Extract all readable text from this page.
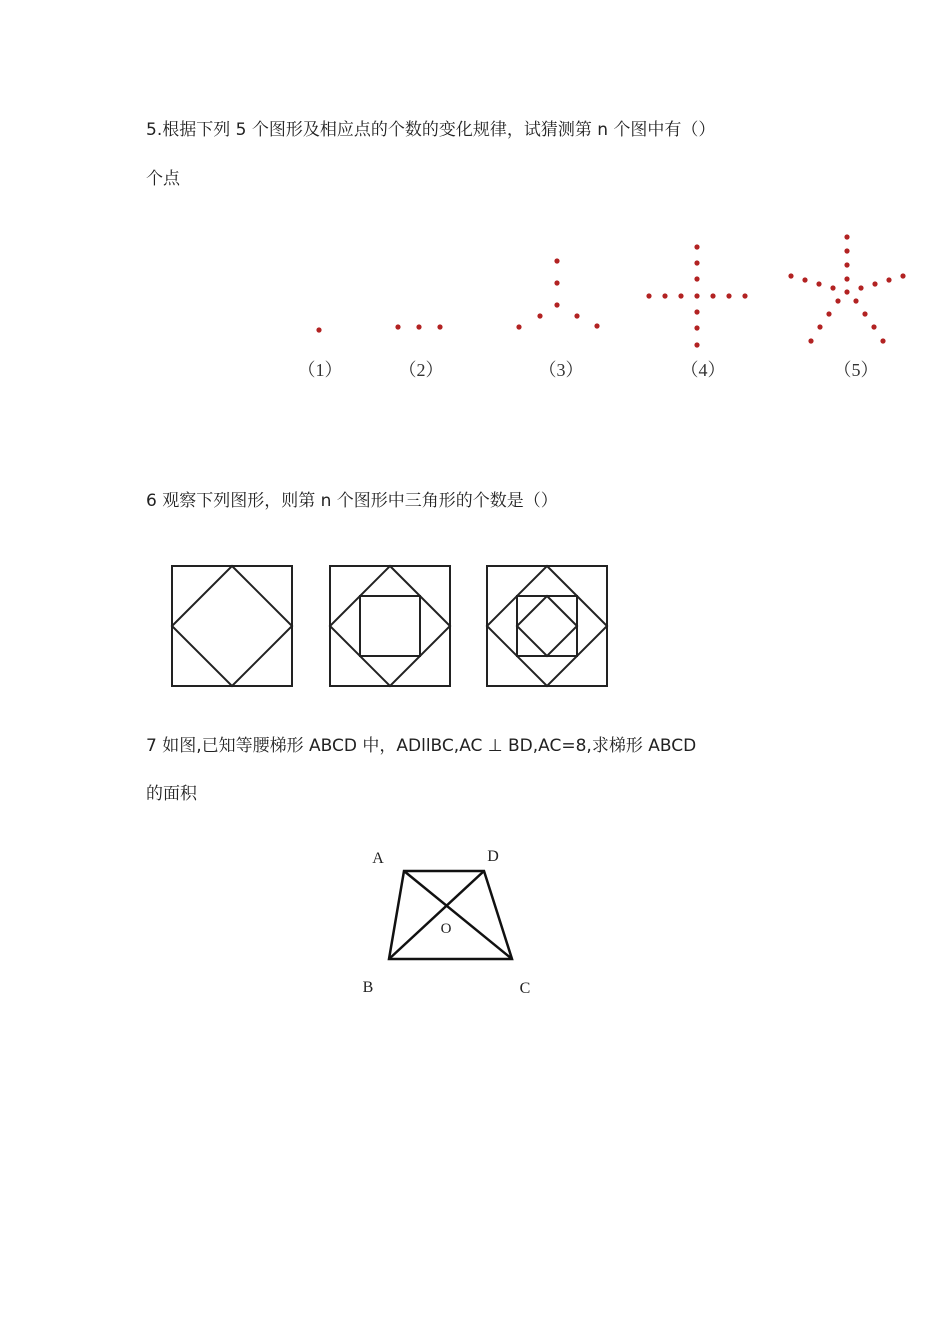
5.根据下列 5 个图形及相应点的个数的变化规律，试猜测第 n 个图中有（）
个点
（1）	（2）	（3）	（4）	（5）
6 观察下列图形，则第 n 个图形中三角形的个数是（）
7 如图,已知等腰梯形 ABCD 中，ADllBC,AC ⊥ BD,AC=8,求梯形 ABCD
的面积
A	D
O
B	C
